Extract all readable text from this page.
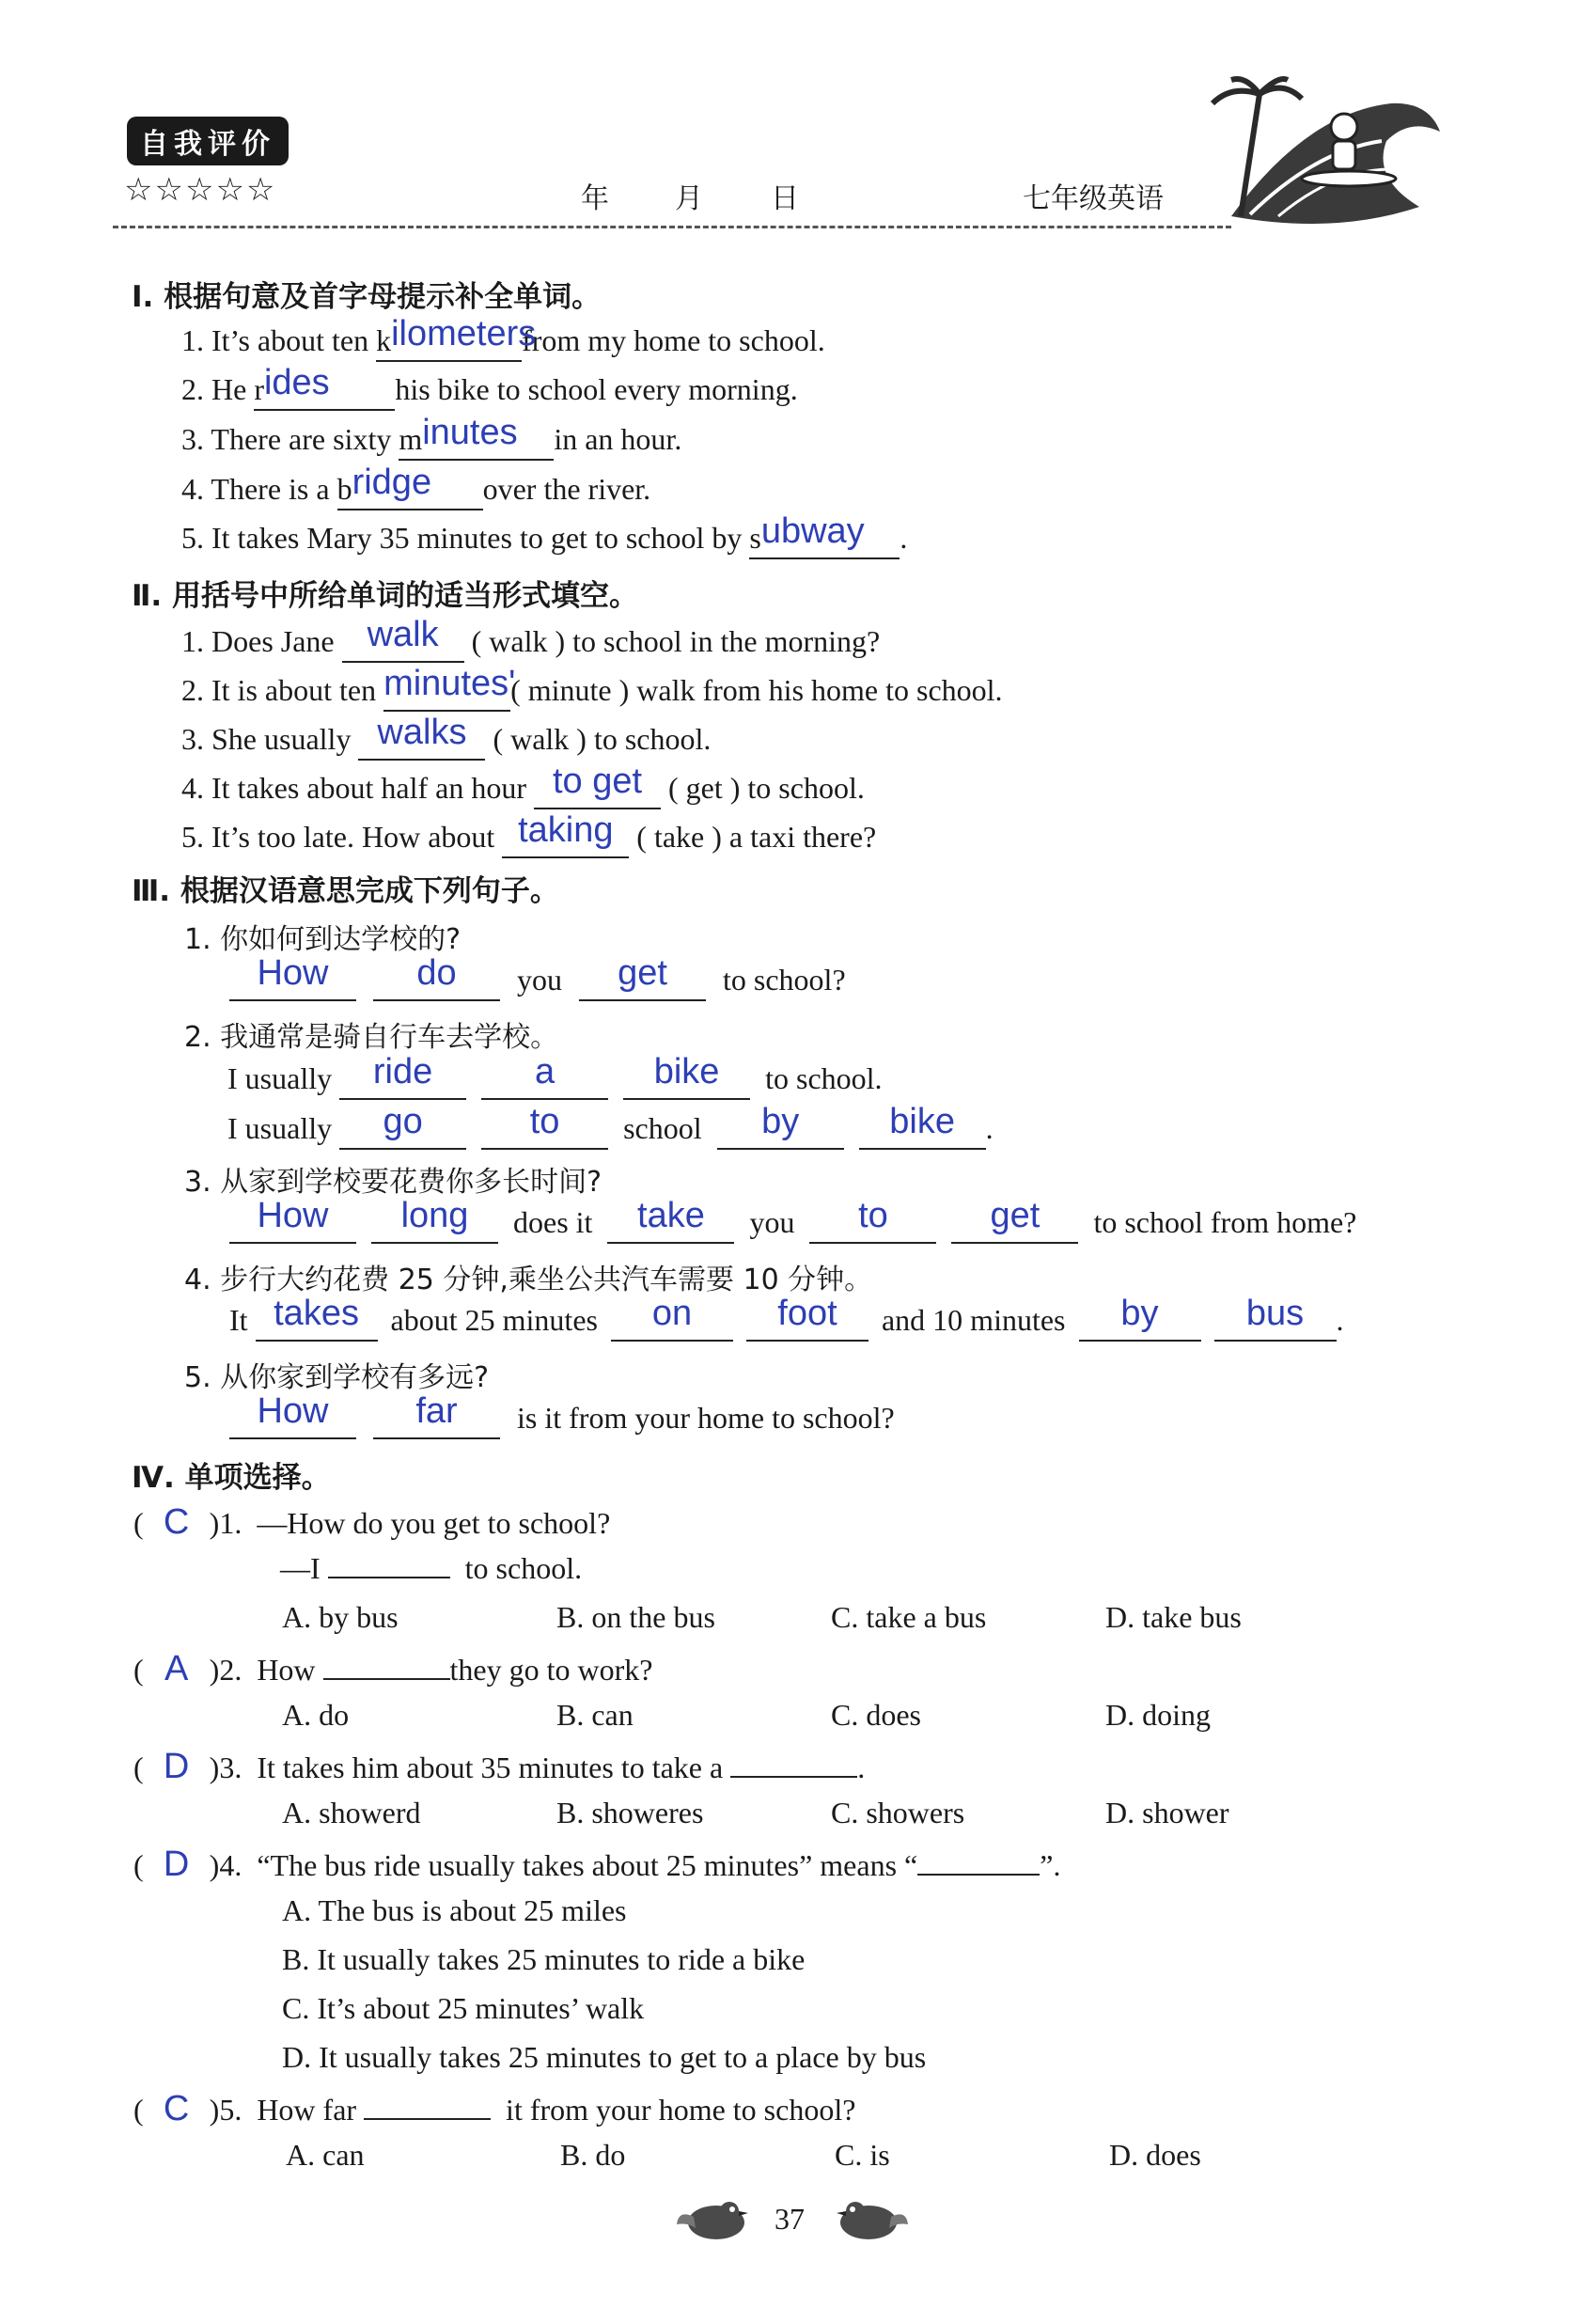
自我评价
☆☆☆☆☆	年 月 日	七年级英语
Ⅰ. 根据句意及首字母提示补全单词。
1. It’s about ten kilometersfrom my home to school.
2. He rides his bike to school every morning.
3. There are sixty minutes in an hour.
4. There is a bridge over the river.
5. It takes Mary 35 minutes to get to school by subway .
Ⅱ. 用括号中所给单词的适当形式填空。
1. Does Jane walk ( walk ) to school in the morning?
2. It is about ten minutes'( minute ) walk from his home to school.
3. She usually walks ( walk ) to school.
4. It takes about half an hour to get ( get ) to school.
5. It’s too late. How about taking ( take ) a taxi there?
Ⅲ. 根据汉语意思完成下列句子。
1. 你如何到达学校的?
How do you get to school?
2. 我通常是骑自行车去学校。
I usually ride	a	bike to school.
I usually go	to school by	bike .
3. 从家到学校要花费你多长时间?
How long does it take you to	get to school from home?
4. 步行大约花费 25 分钟,乘坐公共汽车需要 10 分钟。
It takes about 25 minutes on foot and 10 minutes by bus .
5. 从你家到学校有多远?
How far is it from your home to school?
Ⅳ. 单项选择。
( C )1. —How do you get to school?
—I	to school.
A. by bus	B. on the bus	C. take a bus	D. take bus
( A )2. How	they go to work?
A. do	B. can	C. does	D. doing
( D )3. It takes him about 35 minutes to take a	.
A. showerd	B. showeres	C. showers	D. shower
( D )4. “The bus ride usually takes about 25 minutes” means “	”.
A. The bus is about 25 miles
B. It usually takes 25 minutes to ride a bike
C. It’s about 25 minutes’ walk
D. It usually takes 25 minutes to get to a place by bus
( C )5. How far	it from your home to school?
A. can	B. do	C. is	D. does
37
